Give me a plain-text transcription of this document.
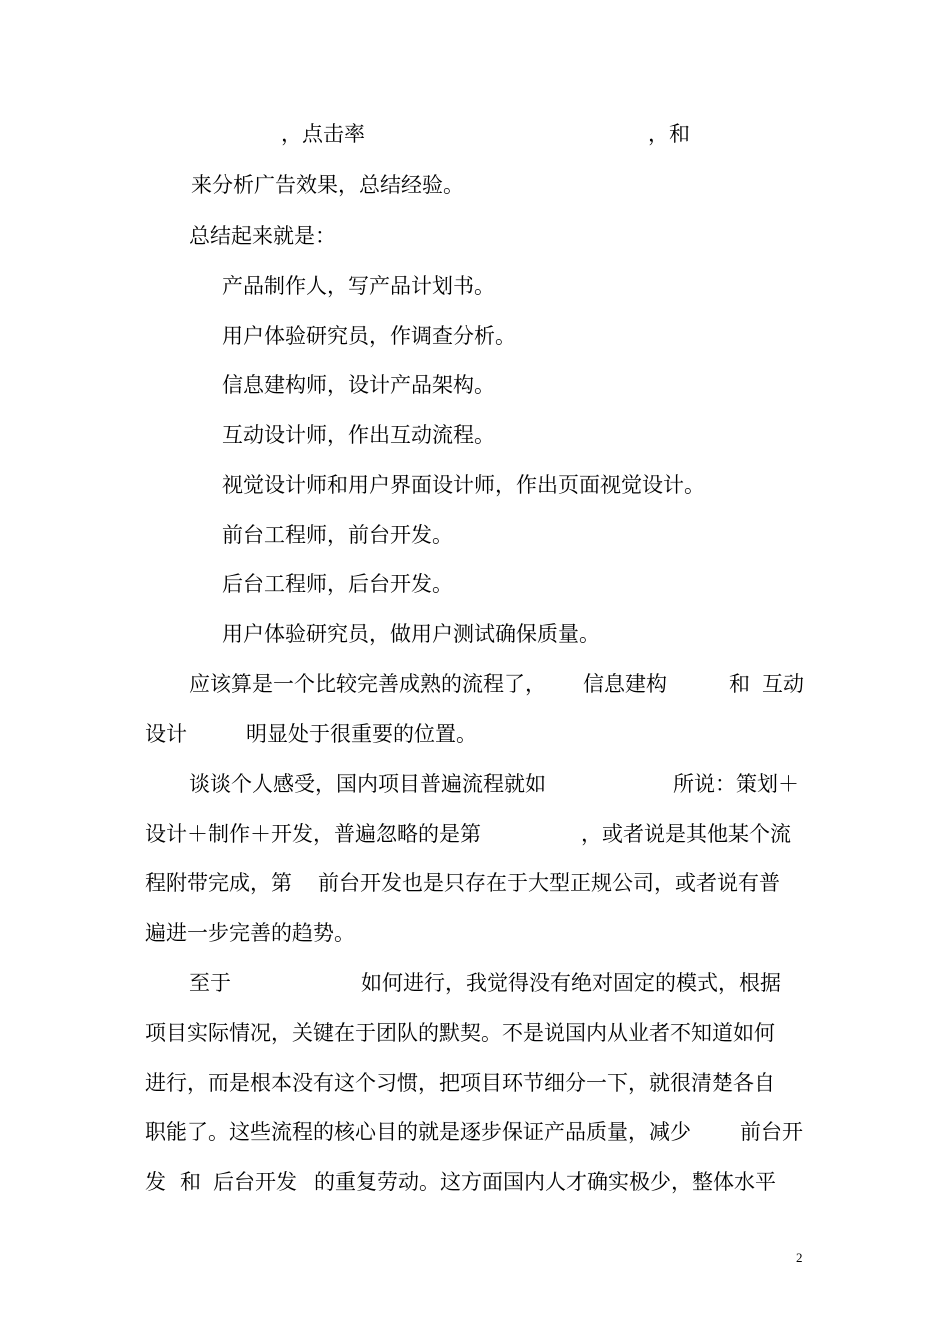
，点击率	，和
来分析广告效果，总结经验。
总结起来就是：
产品制作人，写产品计划书。
用户体验研究员，作调查分析。
信息建构师，设计产品架构。
互动设计师，作出互动流程。
视觉设计师和用户界面设计师，作出页面视觉设计。
前台工程师，前台开发。
后台工程师，后台开发。
用户体验研究员，做用户测试确保质量。
应该算是一个比较完善成熟的流程了， 信息建构	和 互动
设计	明显处于很重要的位置。
谈谈个人感受，国内项目普遍流程就如	所说：策划＋
设计＋制作＋开发，普遍忽略的是第	，或者说是其他某个流
程附带完成，第 前台开发也是只存在于大型正规公司，或者说有普
遍进一步完善的趋势。
至于	如何进行，我觉得没有绝对固定的模式，根据
项目实际情况，关键在于团队的默契。不是说国内从业者不知道如何
进行，而是根本没有这个习惯，把项目环节细分一下，就很清楚各自
职能了。这些流程的核心目的就是逐步保证产品质量，减少 前台开
发 和 后台开发 的重复劳动。这方面国内人才确实极少，整体水平
2
